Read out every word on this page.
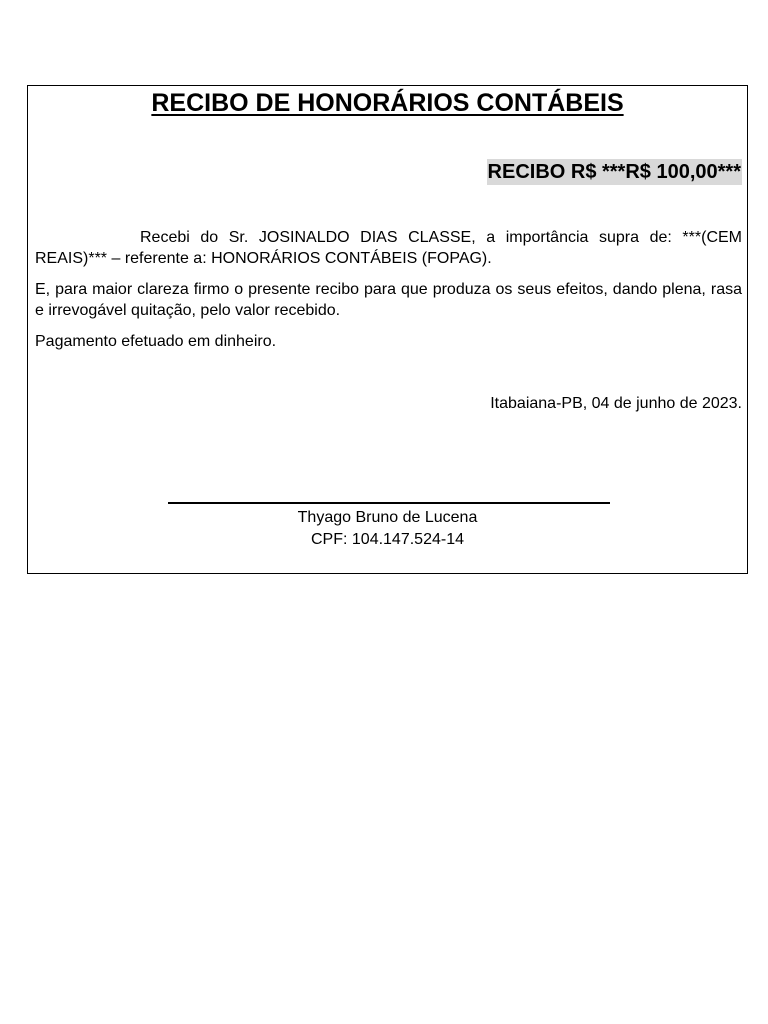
RECIBO DE HONORÁRIOS CONTÁBEIS
RECIBO R$ ***R$ 100,00***

Recebi do Sr. JOSINALDO DIAS CLASSE, a importância supra de: ***(CEM REAIS)*** – referente a: HONORÁRIOS CONTÁBEIS (FOPAG).

E, para maior clareza firmo o presente recibo para que produza os seus efeitos, dando plena, rasa e irrevogável quitação, pelo valor recebido.

Pagamento efetuado em dinheiro.

Itabaiana-PB, 04 de junho de 2023.

Thyago Bruno de Lucena

CPF: 104.147.524-14
